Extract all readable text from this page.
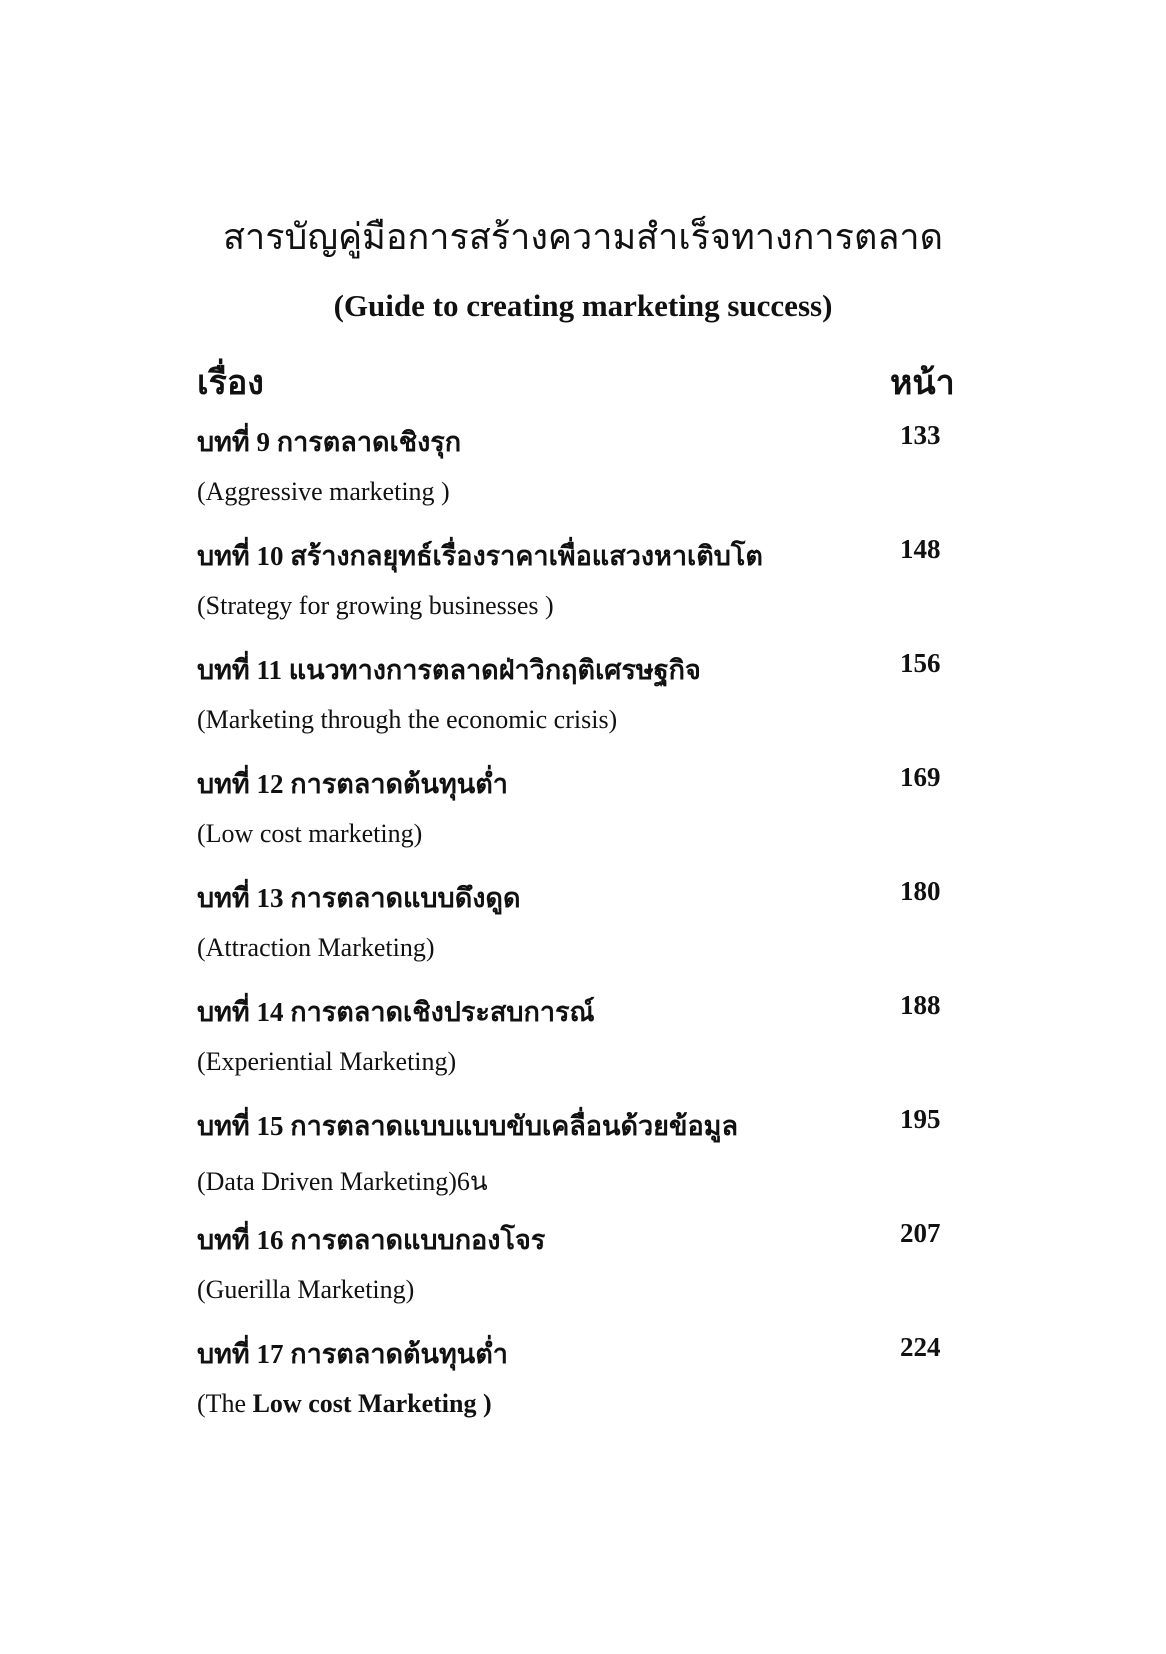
สารบัญคู่มือการสร้างความสำเร็จทางการตลาด
(Guide to creating marketing success)
เรื่อง	หน้า
บทที่ 9 การตลาดเชิงรุก	133
(Aggressive marketing )
บทที่ 10 สร้างกลยุทธ์เรื่องราคาเพื่อแสวงหาเติบโต	148
(Strategy for growing businesses )
บทที่ 11 แนวทางการตลาดฝ่าวิกฤติเศรษฐกิจ	156
(Marketing through the economic crisis)
บทที่ 12 การตลาดต้นทุนต่ำ	169
(Low cost marketing)
บทที่ 13 การตลาดแบบดึงดูด	180
(Attraction Marketing)
บทที่ 14 การตลาดเชิงประสบการณ์	188
(Experiential Marketing)
บทที่ 15 การตลาดแบบแบบขับเคลื่อนด้วยข้อมูล	195
(Data Driven Marketing)6น
บทที่ 16 การตลาดแบบกองโจร	207
(Guerilla Marketing)
บทที่ 17 การตลาดต้นทุนต่ำ	224
(The Low cost Marketing )
